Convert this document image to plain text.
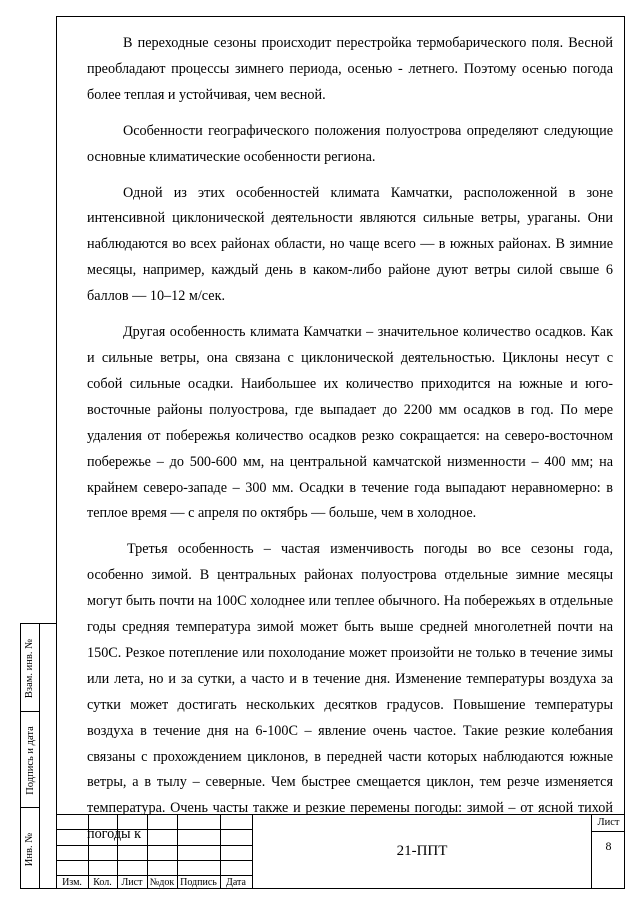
В переходные сезоны происходит перестройка термобарического поля. Весной преобладают процессы зимнего периода, осенью - летнего. Поэтому осенью погода более теплая и устойчивая, чем весной.

Особенности географического положения полуострова определяют следующие основные климатические особенности региона.

Одной из этих особенностей климата Камчатки, расположенной в зоне интенсивной циклонической деятельности являются сильные ветры, ураганы. Они наблюдаются во всех районах области, но чаще всего — в южных районах. В зимние месяцы, например, каждый день в каком-либо районе дуют ветры силой свыше 6 баллов — 10–12 м/сек.

Другая особенность климата Камчатки – значительное количество осадков. Как и сильные ветры, она связана с циклонической деятельностью. Циклоны несут с собой сильные осадки. Наибольшее их количество приходится на южные и юго-восточные районы полуострова, где выпадает до 2200 мм осадков в год. По мере удаления от побережья количество осадков резко сокращается: на северо-восточном побережье – до 500-600 мм, на центральной камчатской низменности – 400 мм; на крайнем северо-западе – 300 мм. Осадки в течение года выпадают неравномерно: в теплое время — с апреля по октябрь — больше, чем в холодное.

Третья особенность – частая изменчивость погоды во все сезоны года, особенно зимой. В центральных районах полуострова отдельные зимние месяцы могут быть почти на 100С холоднее или теплее обычного. На побережьях в отдельные годы средняя температура зимой может быть выше средней многолетней почти на 150С. Резкое потепление или похолодание может произойти не только в течение зимы или лета, но и за сутки, а часто и в течение дня. Изменение температуры воздуха за сутки может достигать нескольких десятков градусов. Повышение температуры воздуха в течение дня на 6-100С – явление очень частое. Такие резкие колебания связаны с прохождением циклонов, в передней части которых наблюдаются южные ветры, а в тылу – северные. Чем быстрее смещается циклон, тем резче изменяется температура. Очень часты также и резкие перемены погоды: зимой – от ясной тихой погоды к

Взам. инв. №
Подпись и дата
Инв. №
Изм.	Кол. Лист №док Подпись Дата
21-ППТ
Лист
8
